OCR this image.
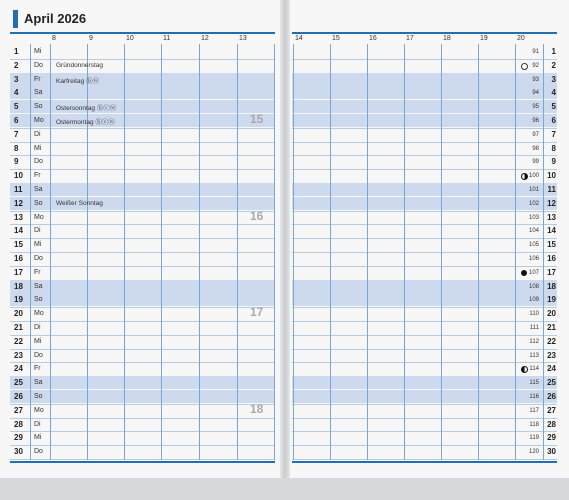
April 2026
8	9	10	11	12	13	14	15	16	17	18	19	20
1	Mi	91	1
2	Do Gründonnerstag	92	2
3	Fr Karfreitag ⓑⓦ	93	3
4	Sa	94	4
5	So Ostersonntag ⓑⓒⓦ	95	5
6	Mo Ostermontag ⓑⓒⓦ	96	6
7	Di	97	7
8	Mi	98	8
9	Do	99	9
10	Fr	100	10
11	Sa	101	11
12	So Weißer Sonntag	102	12
13	Mo	103	13
14	Di	104	14
15	Mi	105	15
16	Do	106	16
17	Fr	107	17
18	Sa	108	18
19	So	109	19
20	Mo	110	20
21	Di	111	21
22	Mi	112	22
23	Do	113	23
24	Fr	114	24
25	Sa	115	25
26	So	116	26
27	Mo	117	27
28	Di	118	28
29	Mi	119	29
30	Do	120	30
15
16
17
18
